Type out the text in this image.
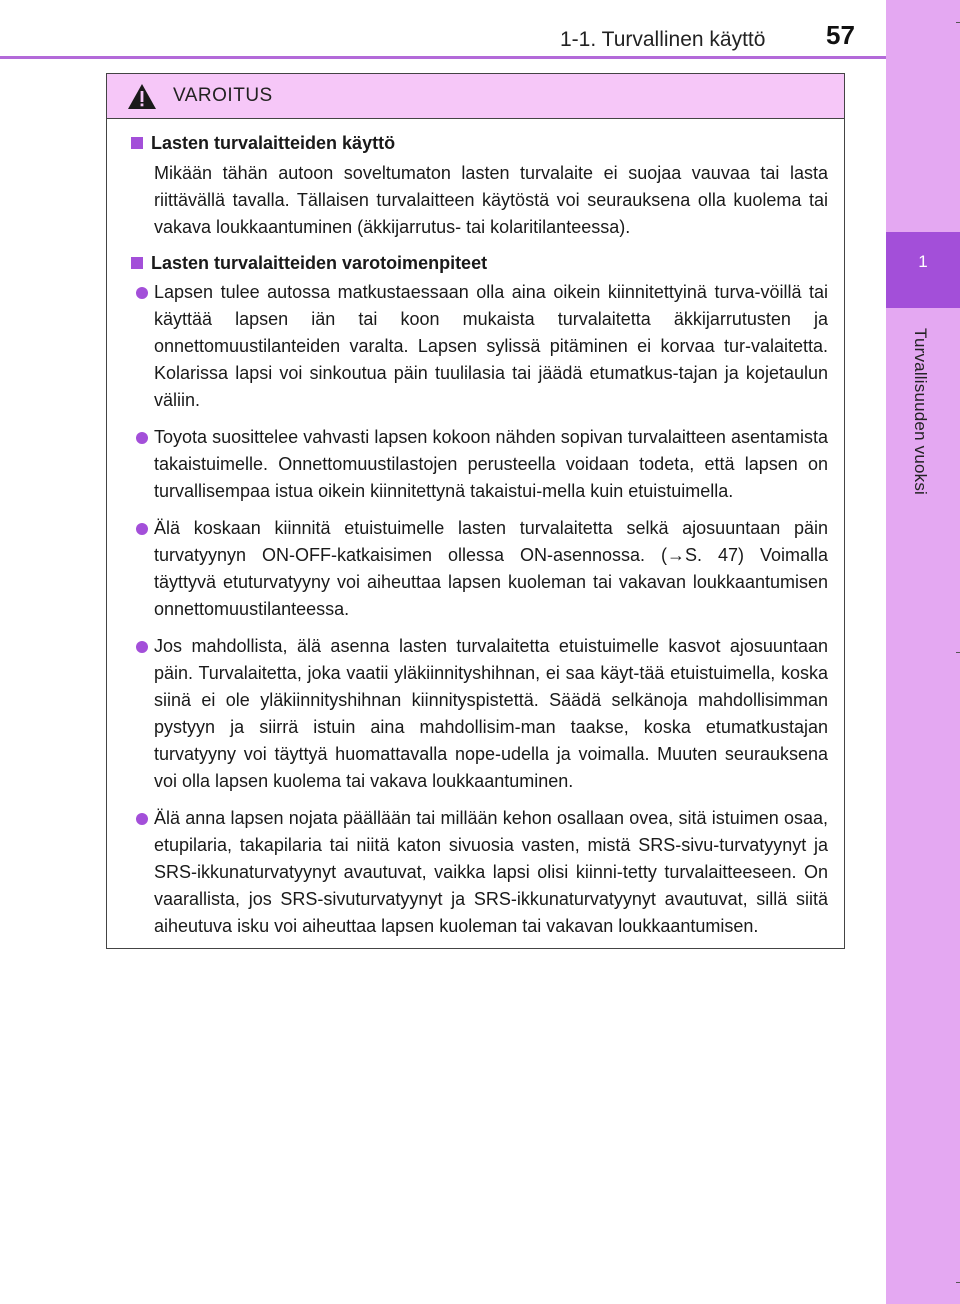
1
Turvallisuuden vuoksi
1-1. Turvallinen käyttö 57
VAROITUS
Lasten turvalaitteiden käyttö
Mikään tähän autoon soveltumaton lasten turvalaite ei suojaa vauvaa tai lasta riittävällä tavalla. Tällaisen turvalaitteen käytöstä voi seurauksena olla kuolema tai vakava loukkaantuminen (äkkijarrutus- tai kolaritilanteessa).
Lasten turvalaitteiden varotoimenpiteet
Lapsen tulee autossa matkustaessaan olla aina oikein kiinnitettyinä turva-vöillä tai käyttää lapsen iän tai koon mukaista turvalaitetta äkkijarrutusten ja onnettomuustilanteiden varalta. Lapsen sylissä pitäminen ei korvaa tur-valaitetta. Kolarissa lapsi voi sinkoutua päin tuulilasia tai jäädä etumatkus-tajan ja kojetaulun väliin.
Toyota suosittelee vahvasti lapsen kokoon nähden sopivan turvalaitteen asentamista takaistuimelle. Onnettomuustilastojen perusteella voidaan todeta, että lapsen on turvallisempaa istua oikein kiinnitettynä takaistui-mella kuin etuistuimella.
Älä koskaan kiinnitä etuistuimelle lasten turvalaitetta selkä ajosuuntaan päin turvatyynyn ON-OFF-katkaisimen ollessa ON-asennossa. (→S. 47) Voimalla täyttyvä etuturvatyyny voi aiheuttaa lapsen kuoleman tai vakavan loukkaantumisen onnettomuustilanteessa.
Jos mahdollista, älä asenna lasten turvalaitetta etuistuimelle kasvot ajosuuntaan päin. Turvalaitetta, joka vaatii yläkiinnityshihnan, ei saa käyt-tää etuistuimella, koska siinä ei ole yläkiinnityshihnan kiinnityspistettä. Säädä selkänoja mahdollisimman pystyyn ja siirrä istuin aina mahdollisim-man taakse, koska etumatkustajan turvatyyny voi täyttyä huomattavalla nope-udella ja voimalla. Muuten seurauksena voi olla lapsen kuolema tai vakava loukkaantuminen.
Älä anna lapsen nojata päällään tai millään kehon osallaan ovea, sitä istuimen osaa, etupilaria, takapilaria tai niitä katon sivuosia vasten, mistä SRS-sivu-turvatyynyt ja SRS-ikkunaturvatyynyt avautuvat, vaikka lapsi olisi kiinni-tetty turvalaitteeseen. On vaarallista, jos SRS-sivuturvatyynyt ja SRS-ikkunaturvatyynyt avautuvat, sillä siitä aiheutuva isku voi aiheuttaa lapsen kuoleman tai vakavan loukkaantumisen.
